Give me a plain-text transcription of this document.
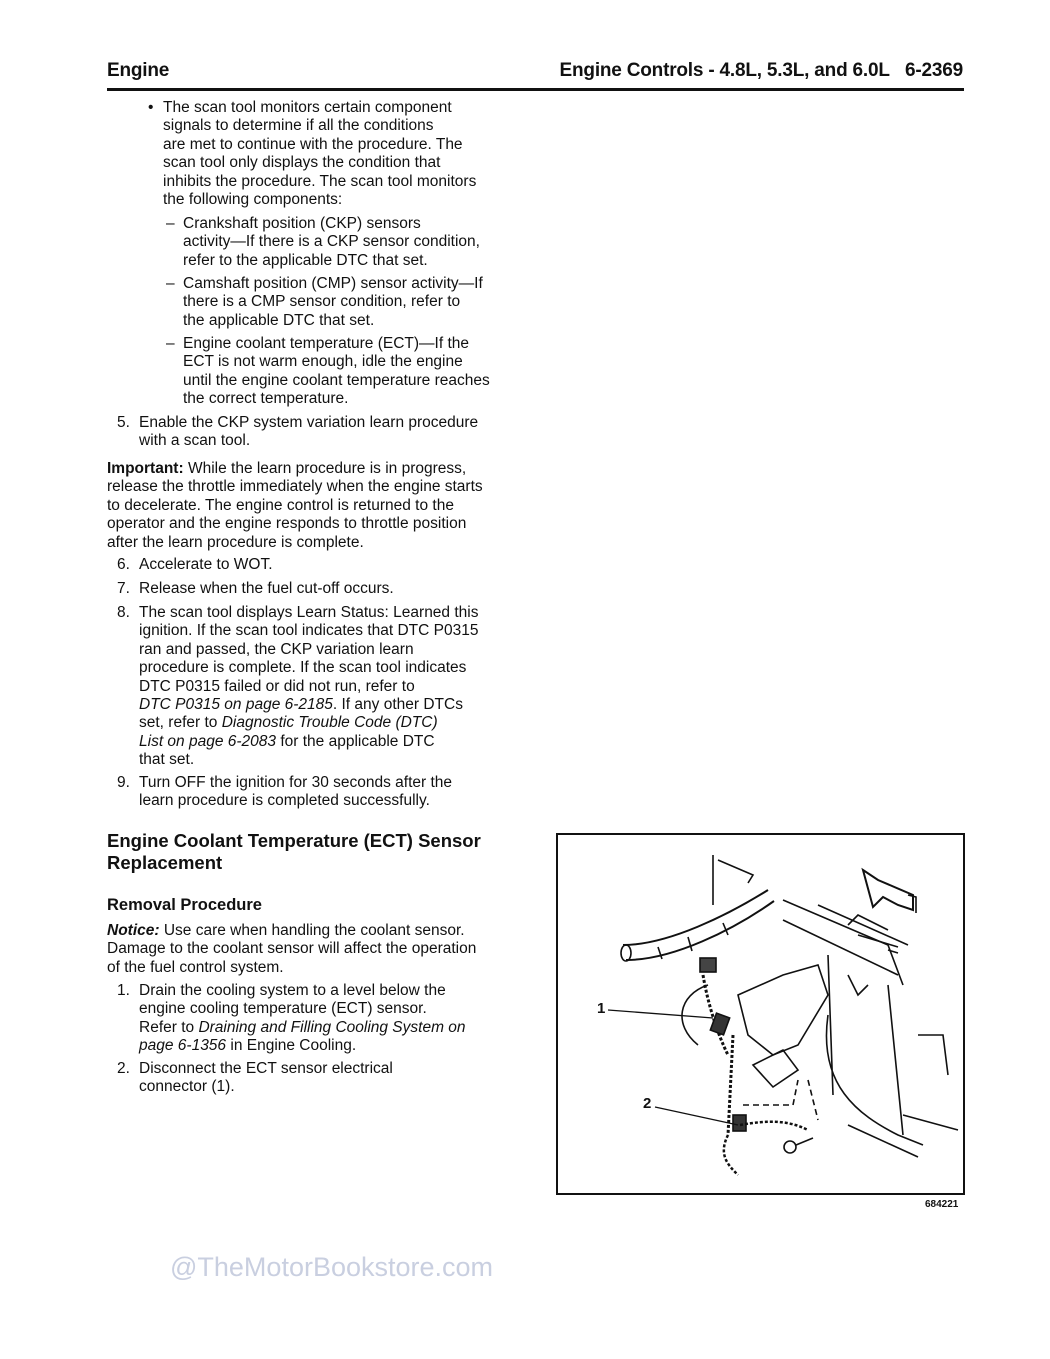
Engine	Engine Controls - 4.8L, 5.3L, and 6.0L 6-2369
• The scan tool monitors certain component
signals to determine if all the conditions
are met to continue with the procedure. The
scan tool only displays the condition that
inhibits the procedure. The scan tool monitors
the following components:
– Crankshaft position (CKP) sensors
activity—If there is a CKP sensor condition,
refer to the applicable DTC that set.
– Camshaft position (CMP) sensor activity—If
there is a CMP sensor condition, refer to
the applicable DTC that set.
– Engine coolant temperature (ECT)—If the
ECT is not warm enough, idle the engine
until the engine coolant temperature reaches
the correct temperature.
5. Enable the CKP system variation learn procedure
with a scan tool.
Important: While the learn procedure is in progress,
release the throttle immediately when the engine starts
to decelerate. The engine control is returned to the
operator and the engine responds to throttle position
after the learn procedure is complete.
6. Accelerate to WOT.
7. Release when the fuel cut-off occurs.
8. The scan tool displays Learn Status: Learned this
ignition. If the scan tool indicates that DTC P0315
ran and passed, the CKP variation learn
procedure is complete. If the scan tool indicates
DTC P0315 failed or did not run, refer to
DTC P0315 on page 6-2185. If any other DTCs
set, refer to Diagnostic Trouble Code (DTC)
List on page 6-2083 for the applicable DTC
that set.
9. Turn OFF the ignition for 30 seconds after the
learn procedure is completed successfully.
Notice: Use care when handling the coolant sensor.
Damage to the coolant sensor will affect the operation
of the fuel control system.
1. Drain the cooling system to a level below the
engine cooling temperature (ECT) sensor.
Refer to Draining and Filling Cooling System on
page 6-1356 in Engine Cooling.
2. Disconnect the ECT sensor electrical
connector (1).
Engine Coolant Temperature (ECT) Sensor
Replacement
Removal Procedure
1
2
684221
@TheMotorBookstore.com
